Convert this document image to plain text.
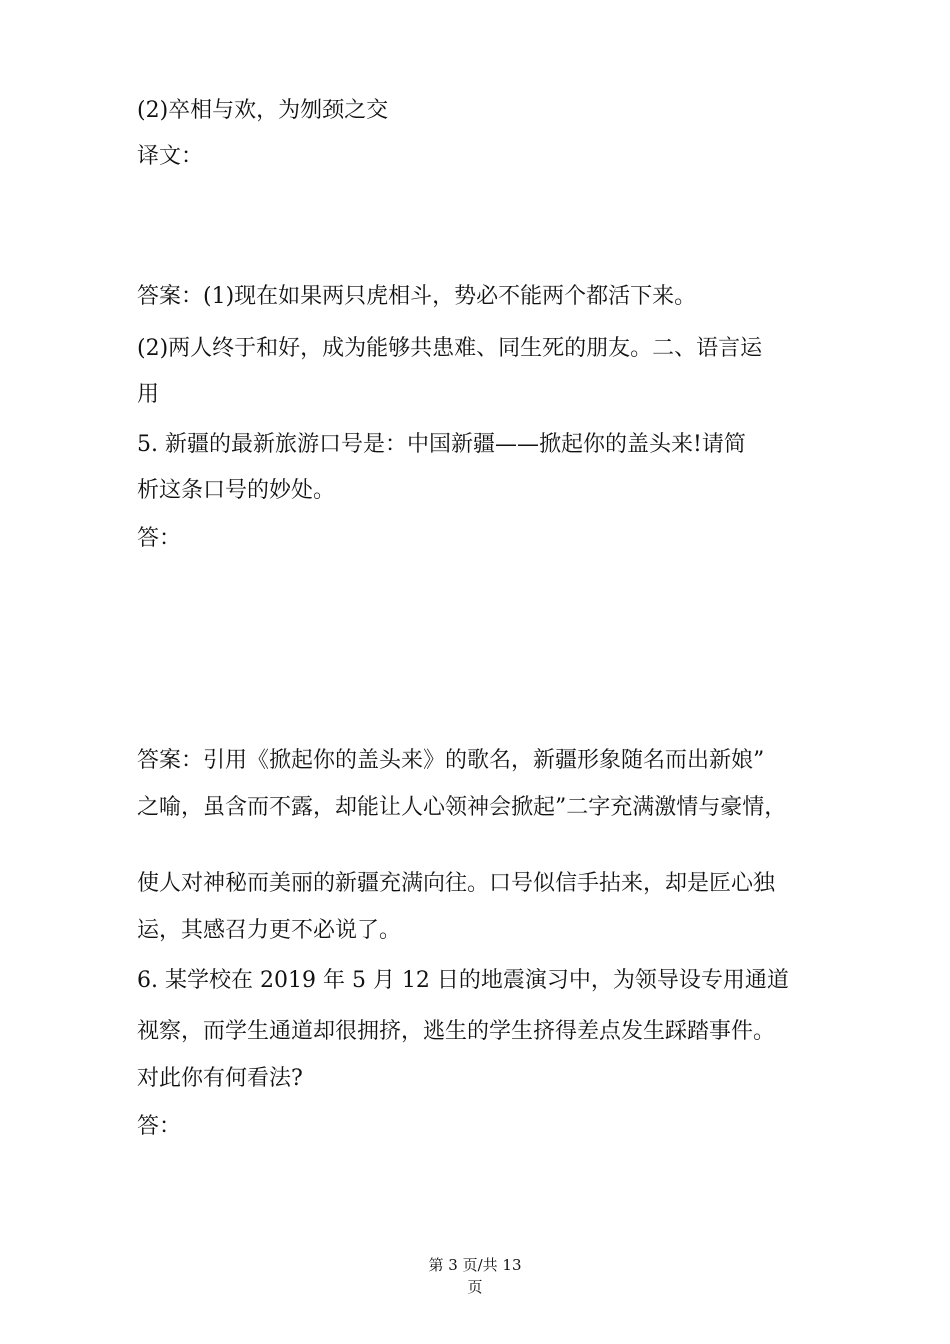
(2)卒相与欢，为刎颈之交

译文：

答案：(1)现在如果两只虎相斗，势必不能两个都活下来。

(2)两人终于和好，成为能够共患难、同生死的朋友。二、语言运

用

5. 新疆的最新旅游口号是：中国新疆——掀起你的盖头来!请简

析这条口号的妙处。

答：

答案：引用《掀起你的盖头来》的歌名，新疆形象随名而出新娘”

之喻，虽含而不露，却能让人心领神会掀起”二字充满激情与豪情，

使人对神秘而美丽的新疆充满向往。口号似信手拈来，却是匠心独

运，其感召力更不必说了。

6. 某学校在 2019 年 5 月 12 日的地震演习中，为领导设专用通道

视察，而学生通道却很拥挤，逃生的学生挤得差点发生踩踏事件。

对此你有何看法?

答：

第 3 页/共 13
页
